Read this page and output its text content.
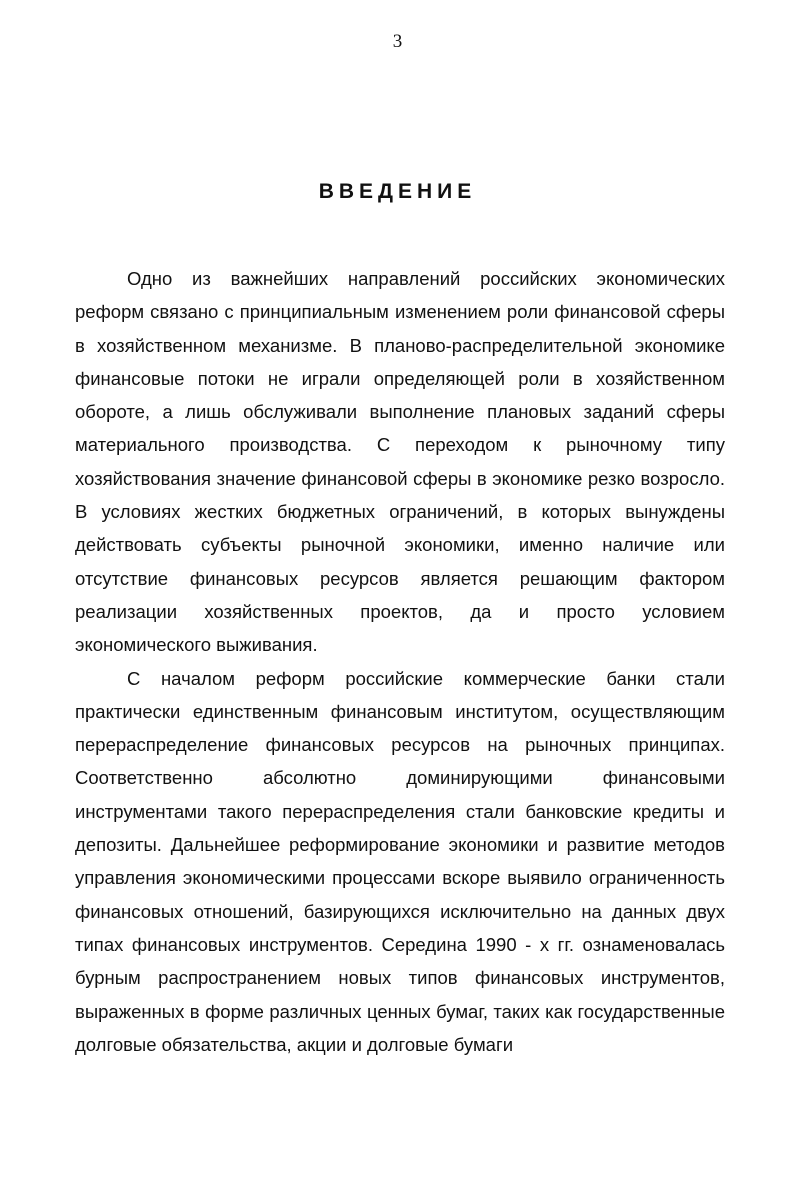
3
ВВЕДЕНИЕ

Одно из важнейших направлений российских экономических реформ связано с принципиальным изменением роли финансовой сферы в хозяйственном механизме. В планово-распределительной экономике финансовые потоки не играли определяющей роли в хозяйственном обороте, а лишь обслуживали выполнение плановых заданий сферы материального производства. С переходом к рыночному типу хозяйствования значение финансовой сферы в экономике резко возросло. В условиях жестких бюджетных ограничений, в которых вынуждены действовать субъекты рыночной экономики, именно наличие или отсутствие финансовых ресурсов является решающим фактором реализации хозяйственных проектов, да и просто условием экономического выживания.

С началом реформ российские коммерческие банки стали практически единственным финансовым институтом, осуществляющим перераспределение финансовых ресурсов на рыночных принципах. Соответственно абсолютно доминирующими финансовыми инструментами такого перераспределения стали банковские кредиты и депозиты. Дальнейшее реформирование экономики и развитие методов управления экономическими процессами вскоре выявило ограниченность финансовых отношений, базирующихся исключительно на данных двух типах финансовых инструментов. Середина 1990 - х гг. ознаменовалась бурным распространением новых типов финансовых инструментов, выраженных в форме различных ценных бумаг, таких как государственные долговые обязательства, акции и долговые бумаги
